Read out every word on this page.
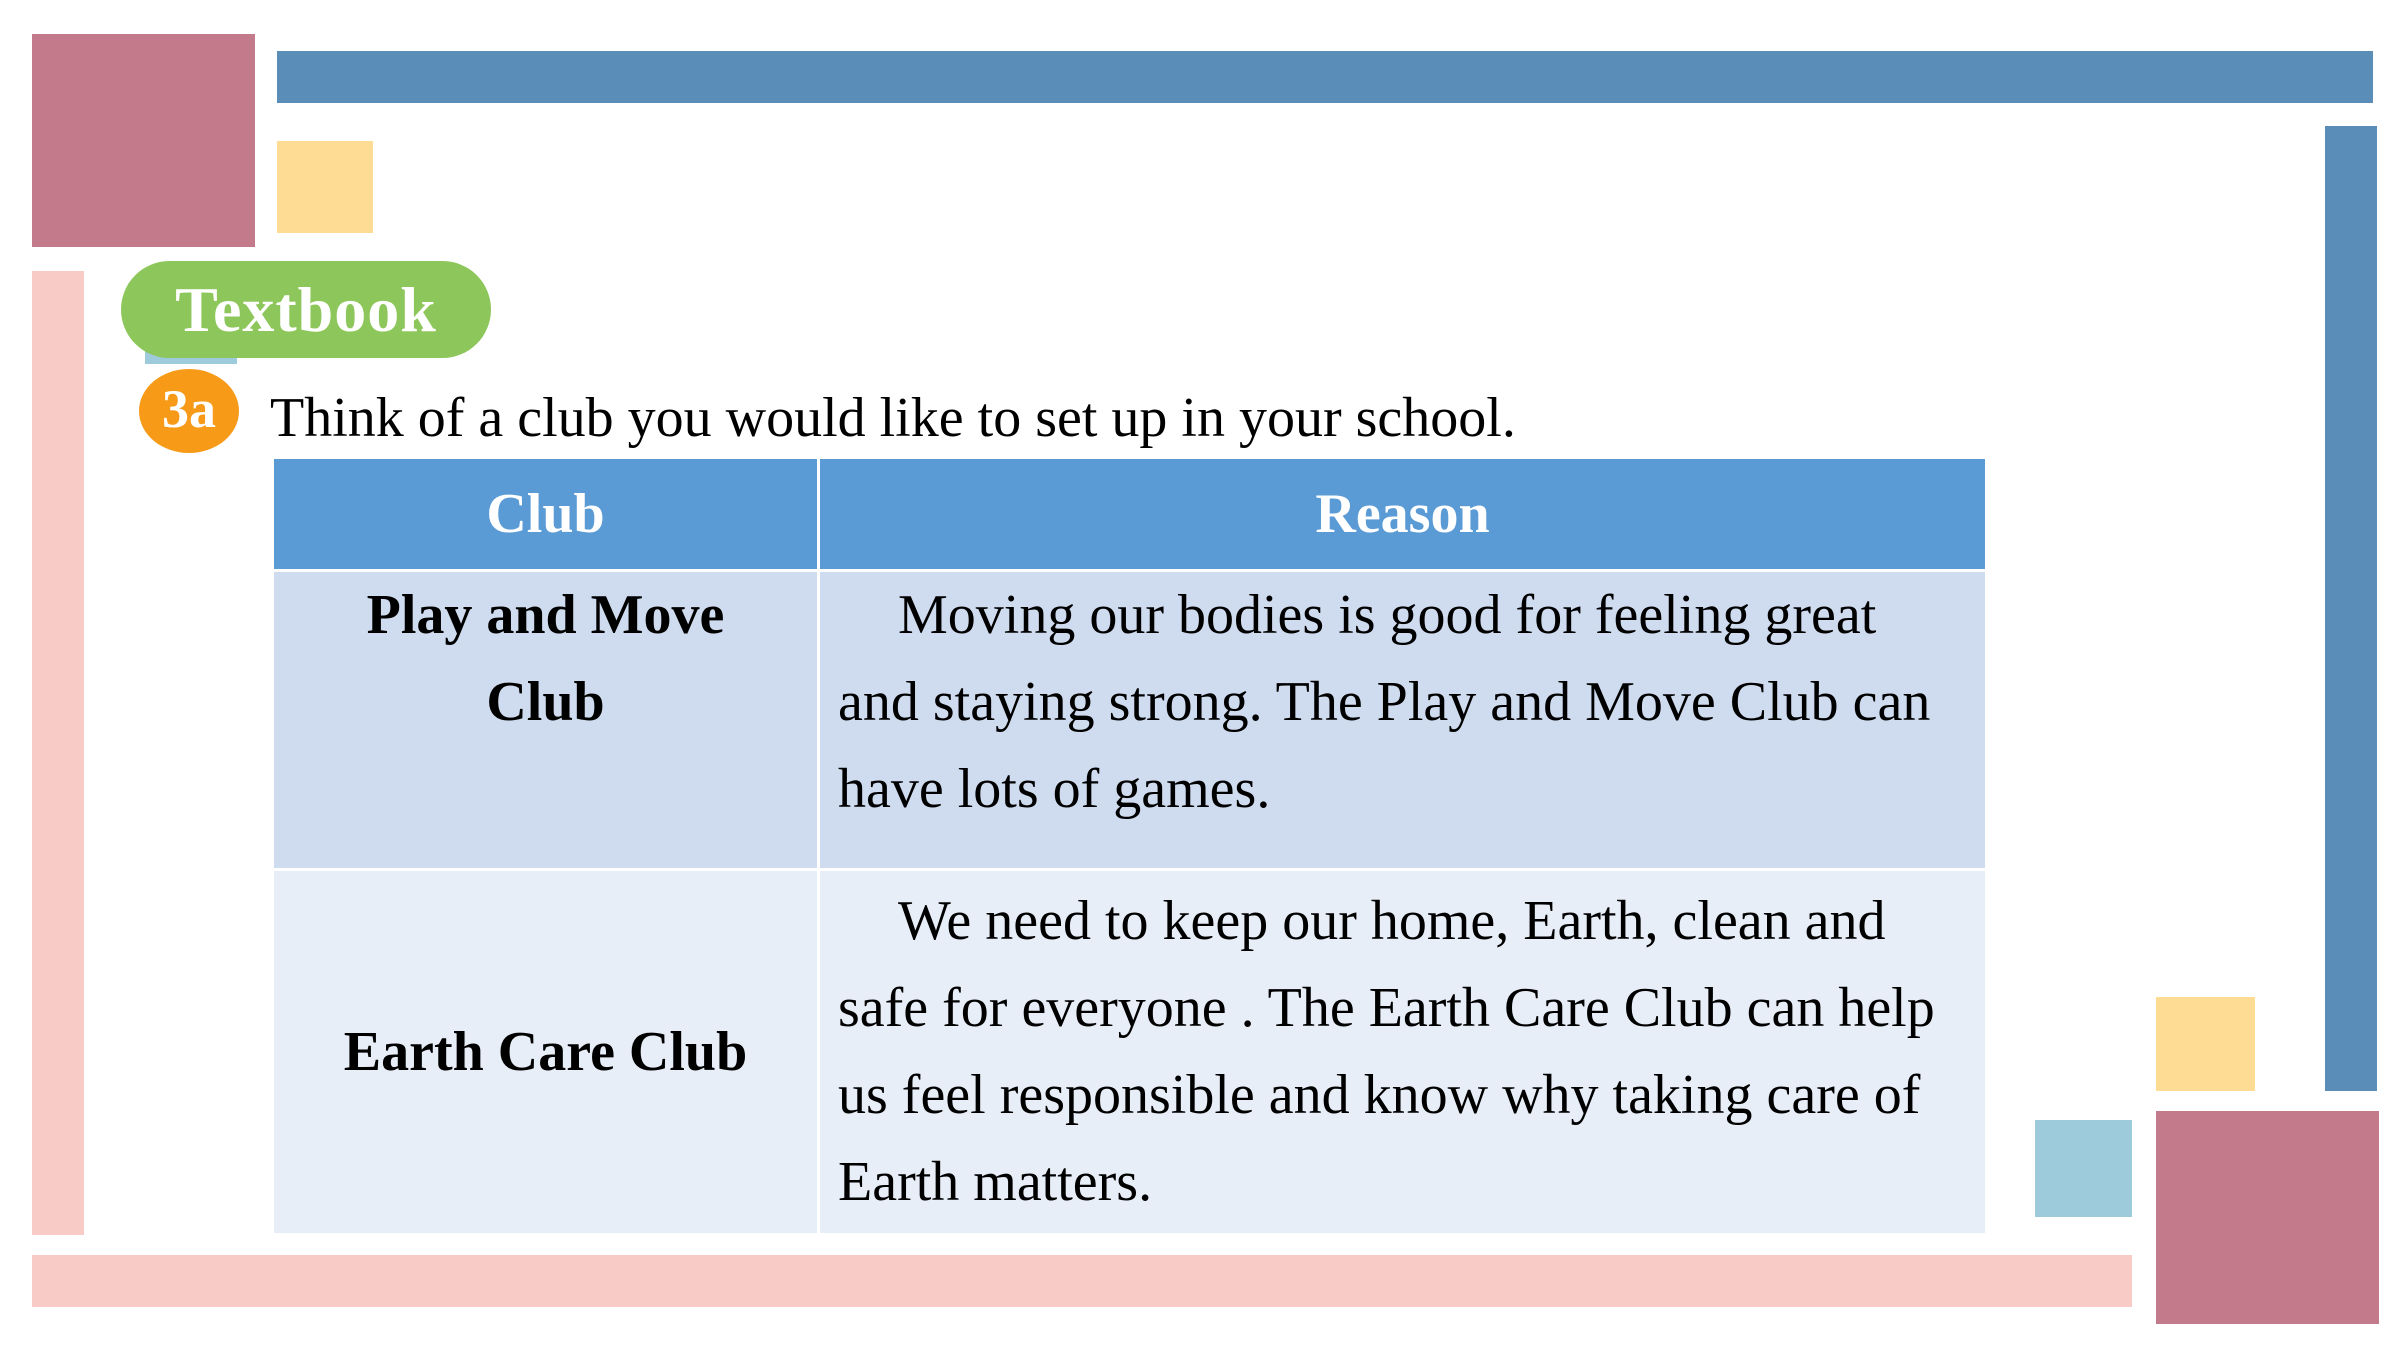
Textbook
3a Think of a club you would like to set up in your school.
Club	Reason
Play and Move Club	Moving our bodies is good for feeling great and staying strong. The Play and Move Club can have lots of games.
Earth Care Club	We need to keep our home, Earth, clean and safe for everyone . The Earth Care Club can help us feel responsible and know why taking care of Earth matters.
